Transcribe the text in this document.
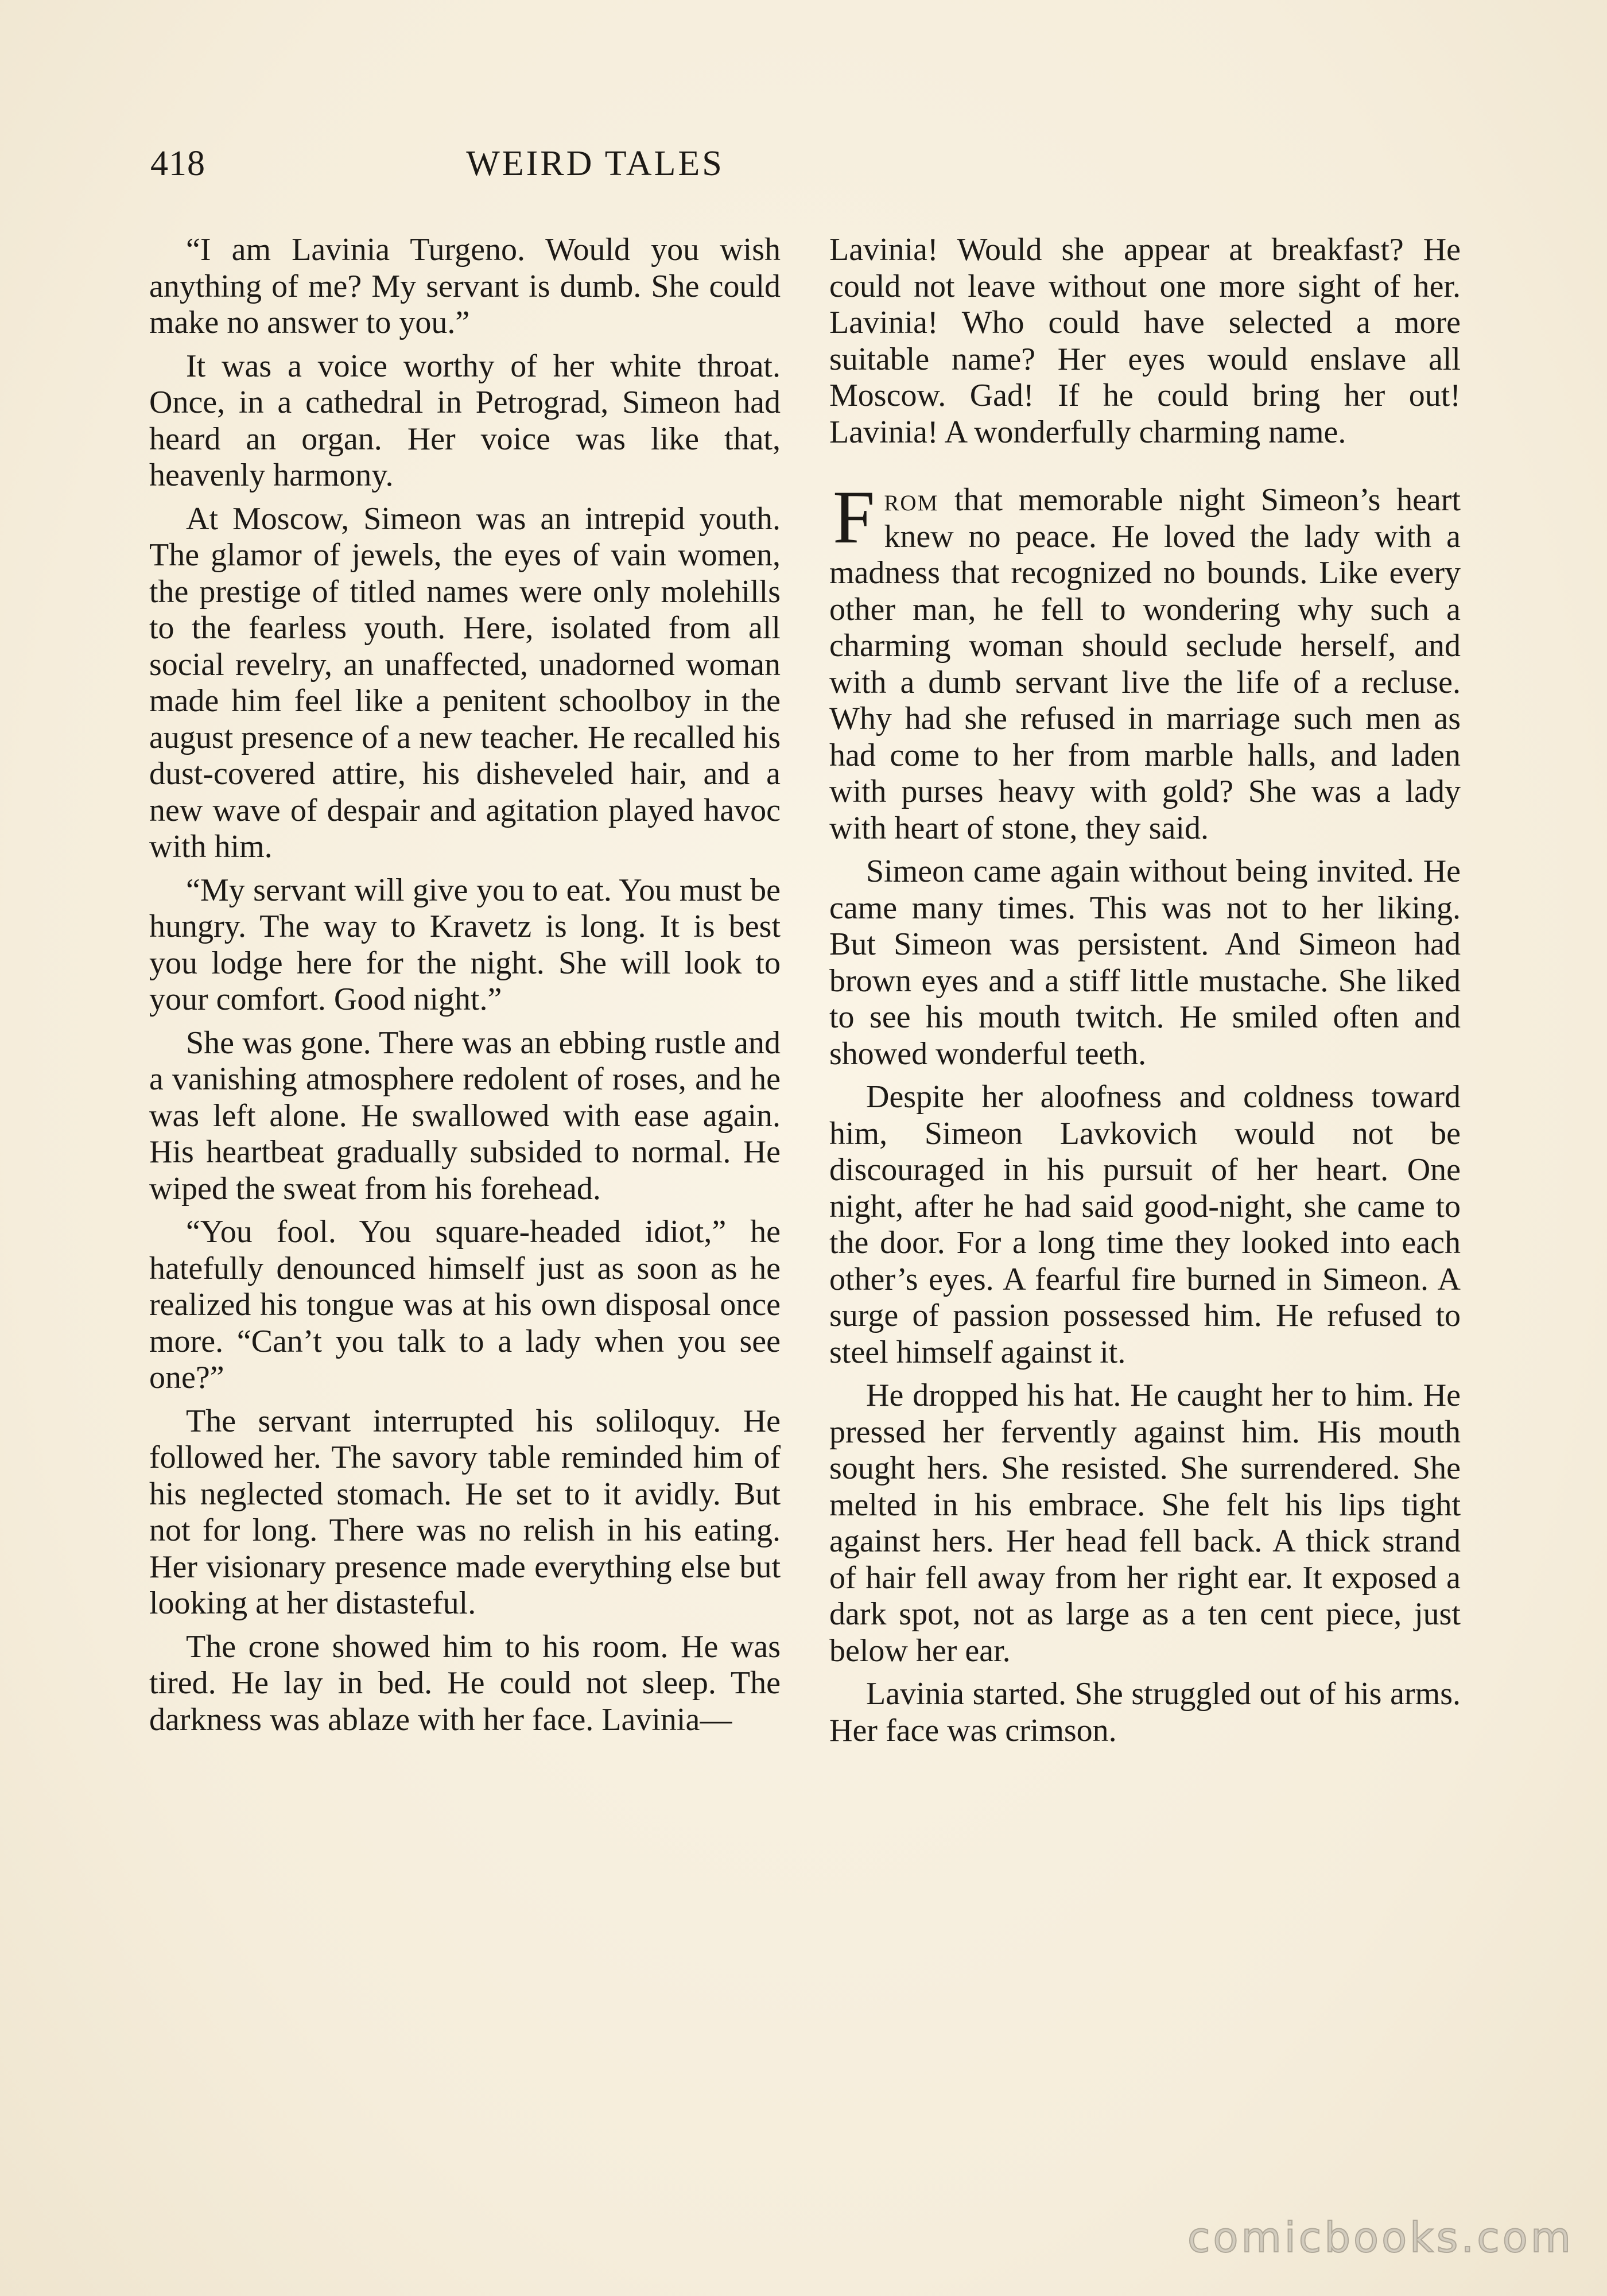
418	WEIRD TALES

“I am Lavinia Turgeno. Would you wish anything of me? My servant is dumb. She could make no answer to you.”

It was a voice worthy of her white throat. Once, in a cathedral in Petrograd, Simeon had heard an organ. Her voice was like that, heavenly harmony.

At Moscow, Simeon was an intrepid youth. The glamor of jewels, the eyes of vain women, the prestige of titled names were only molehills to the fearless youth. Here, isolated from all social revelry, an unaffected, unadorned woman made him feel like a penitent schoolboy in the august presence of a new teacher. He recalled his dust-covered attire, his disheveled hair, and a new wave of despair and agitation played havoc with him.

“My servant will give you to eat. You must be hungry. The way to Kravetz is long. It is best you lodge here for the night. She will look to your comfort. Good night.”

She was gone. There was an ebbing rustle and a vanishing atmosphere redolent of roses, and he was left alone. He swallowed with ease again. His heartbeat gradually subsided to normal. He wiped the sweat from his forehead.

“You fool. You square-headed idiot,” he hatefully denounced himself just as soon as he realized his tongue was at his own disposal once more. “Can’t you talk to a lady when you see one?”

The servant interrupted his soliloquy. He followed her. The savory table reminded him of his neglected stomach. He set to it avidly. But not for long. There was no relish in his eating. Her visionary presence made everything else but looking at her distasteful.

The crone showed him to his room. He was tired. He lay in bed. He could not sleep. The darkness was ablaze with her face. Lavinia—

Lavinia! Would she appear at breakfast? He could not leave without one more sight of her. Lavinia! Who could have selected a more suitable name? Her eyes would enslave all Moscow. Gad! If he could bring her out! Lavinia! A wonderfully charming name.

From that memorable night Simeon’s heart knew no peace. He loved the lady with a madness that recognized no bounds. Like every other man, he fell to wondering why such a charming woman should seclude herself, and with a dumb servant live the life of a recluse. Why had she refused in marriage such men as had come to her from marble halls, and laden with purses heavy with gold? She was a lady with heart of stone, they said.

Simeon came again without being invited. He came many times. This was not to her liking. But Simeon was persistent. And Simeon had brown eyes and a stiff little mustache. She liked to see his mouth twitch. He smiled often and showed wonderful teeth.

Despite her aloofness and coldness toward him, Simeon Lavkovich would not be discouraged in his pursuit of her heart. One night, after he had said good-night, she came to the door. For a long time they looked into each other’s eyes. A fearful fire burned in Simeon. A surge of passion possessed him. He refused to steel himself against it.

He dropped his hat. He caught her to him. He pressed her fervently against him. His mouth sought hers. She resisted. She surrendered. She melted in his embrace. She felt his lips tight against hers. Her head fell back. A thick strand of hair fell away from her right ear. It exposed a dark spot, not as large as a ten cent piece, just below her ear.

Lavinia started. She struggled out of his arms. Her face was crimson.

comicbooks.com
